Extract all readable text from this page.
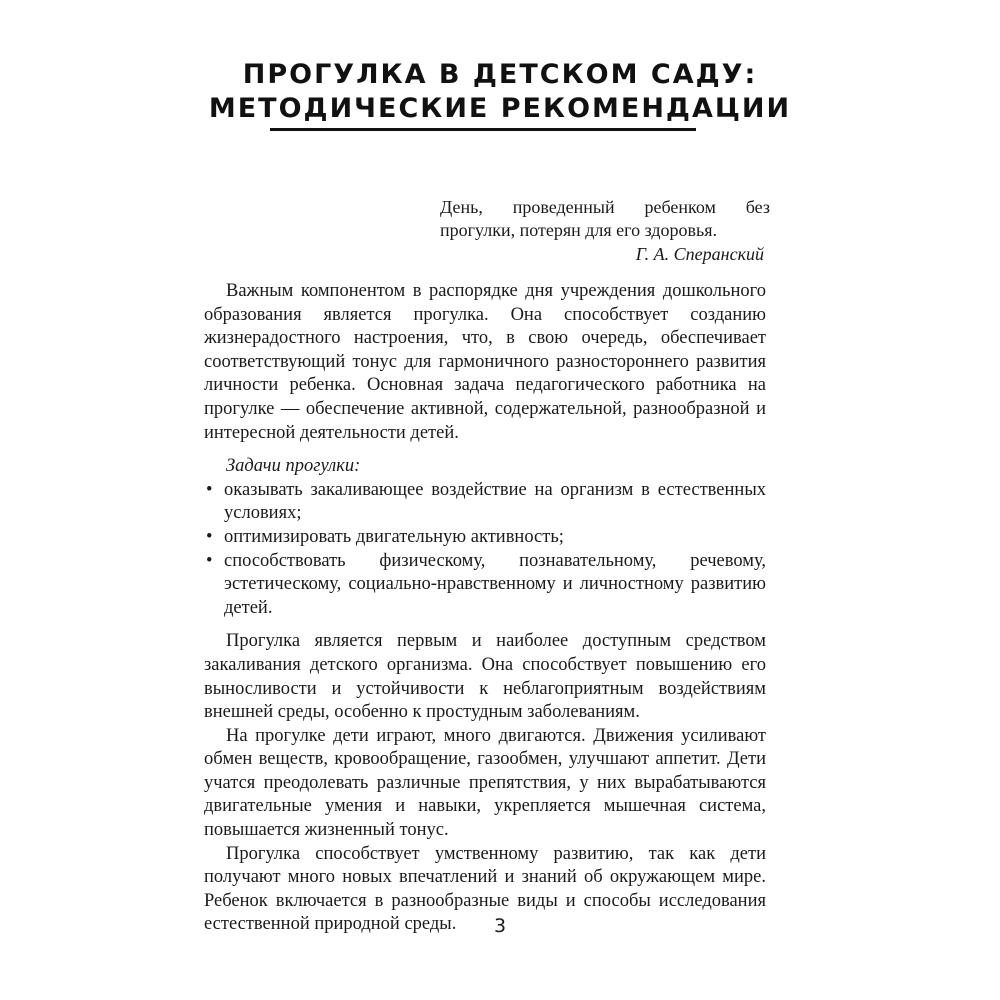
ПРОГУЛКА В ДЕТСКОМ САДУ:
МЕТОДИЧЕСКИЕ РЕКОМЕНДАЦИИ
День, проведенный ребенком без прогулки, потерян для его здоровья.
Г. А. Сперанский

Важным компонентом в распорядке дня учреждения дошкольного образования является прогулка. Она способствует созданию жизнерадостного настроения, что, в свою очередь, обеспечивает соответствующий тонус для гармоничного разностороннего развития личности ребенка. Основная задача педагогического работника на прогулке — обеспечение активной, содержательной, разнообразной и интересной деятельности детей.

Задачи прогулки:

• оказывать закаливающее воздействие на организм в естественных условиях;
• оптимизировать двигательную активность;
• способствовать физическому, познавательному, речевому, эстетическому, социально-нравственному и личностному развитию детей.

Прогулка является первым и наиболее доступным средством закаливания детского организма. Она способствует повышению его выносливости и устойчивости к неблагоприятным воздействиям внешней среды, особенно к простудным заболеваниям.

На прогулке дети играют, много двигаются. Движения усиливают обмен веществ, кровообращение, газообмен, улучшают аппетит. Дети учатся преодолевать различные препятствия, у них вырабатываются двигательные умения и навыки, укрепляется мышечная система, повышается жизненный тонус.

Прогулка способствует умственному развитию, так как дети получают много новых впечатлений и знаний об окружающем мире. Ребенок включается в разнообразные виды и способы исследования естественной природной среды.	3
